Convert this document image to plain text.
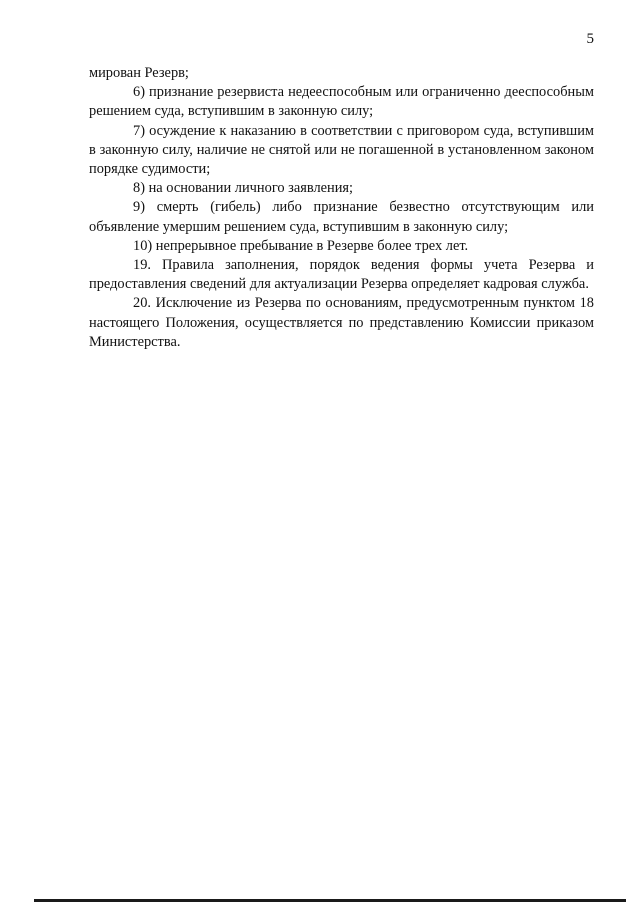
5

мирован Резерв;

6) признание резервиста недееспособным или ограниченно дееспособным решением суда, вступившим в законную силу;

7) осуждение к наказанию в соответствии с приговором суда, вступившим в законную силу, наличие не снятой или не погашенной в установленном законом порядке судимости;

8) на основании личного заявления;

9) смерть (гибель) либо признание безвестно отсутствующим или объявление умершим решением суда, вступившим в законную силу;

10) непрерывное пребывание в Резерве более трех лет.

19. Правила заполнения, порядок ведения формы учета Резерва и предоставления сведений для актуализации Резерва определяет кадровая служба.

20. Исключение из Резерва по основаниям, предусмотренным пунктом 18 настоящего Положения, осуществляется по представлению Комиссии приказом Министерства.
